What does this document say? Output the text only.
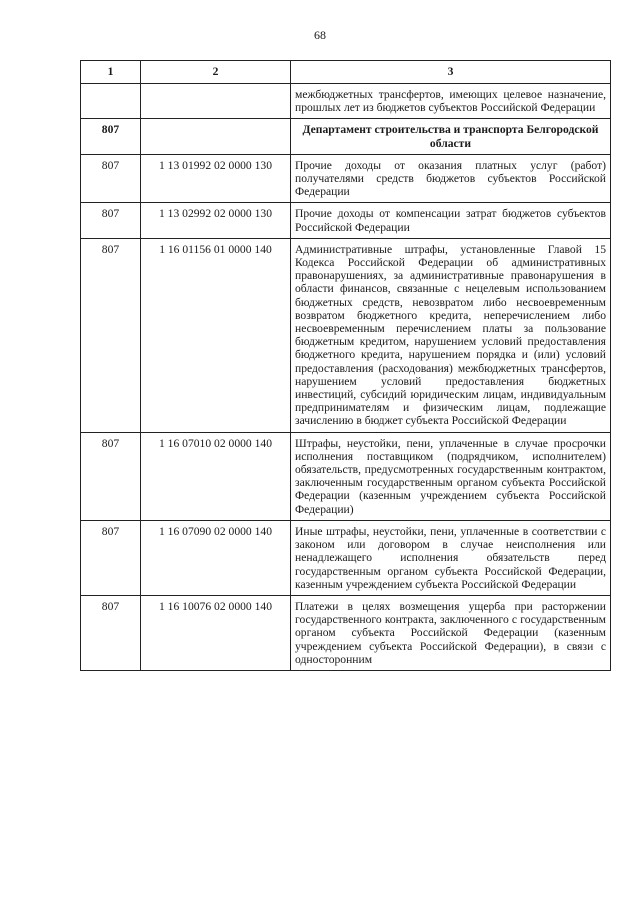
68
1	2	3
		межбюджетных трансфертов, имеющих целевое назначение, прошлых лет из бюджетов субъектов Российской Федерации
807		Департамент строительства и транспорта Белгородской области
807	1 13 01992 02 0000 130	Прочие доходы от оказания платных услуг (работ) получателями средств бюджетов субъектов Российской Федерации
807	1 13 02992 02 0000 130	Прочие доходы от компенсации затрат бюджетов субъектов Российской Федерации
807	1 16 01156 01 0000 140	Административные штрафы, установленные Главой 15 Кодекса Российской Федерации об административных правонарушениях, за административные правонарушения в области финансов, связанные с нецелевым использованием бюджетных средств, невозвратом либо несвоевременным возвратом бюджетного кредита, неперечислением либо несвоевременным перечислением платы за пользование бюджетным кредитом, нарушением условий предоставления бюджетного кредита, нарушением порядка и (или) условий предоставления (расходования) межбюджетных трансфертов, нарушением условий предоставления бюджетных инвестиций, субсидий юридическим лицам, индивидуальным предпринимателям и физическим лицам, подлежащие зачислению в бюджет субъекта Российской Федерации
807	1 16 07010 02 0000 140	Штрафы, неустойки, пени, уплаченные в случае просрочки исполнения поставщиком (подрядчиком, исполнителем) обязательств, предусмотренных государственным контрактом, заключенным государственным органом субъекта Российской Федерации (казенным учреждением субъекта Российской Федерации)
807	1 16 07090 02 0000 140	Иные штрафы, неустойки, пени, уплаченные в соответствии с законом или договором в случае неисполнения или ненадлежащего исполнения обязательств перед государственным органом субъекта Российской Федерации, казенным учреждением субъекта Российской Федерации
807	1 16 10076 02 0000 140	Платежи в целях возмещения ущерба при расторжении государственного контракта, заключенного с государственным органом субъекта Российской Федерации (казенным учреждением субъекта Российской Федерации), в связи с односторонним
